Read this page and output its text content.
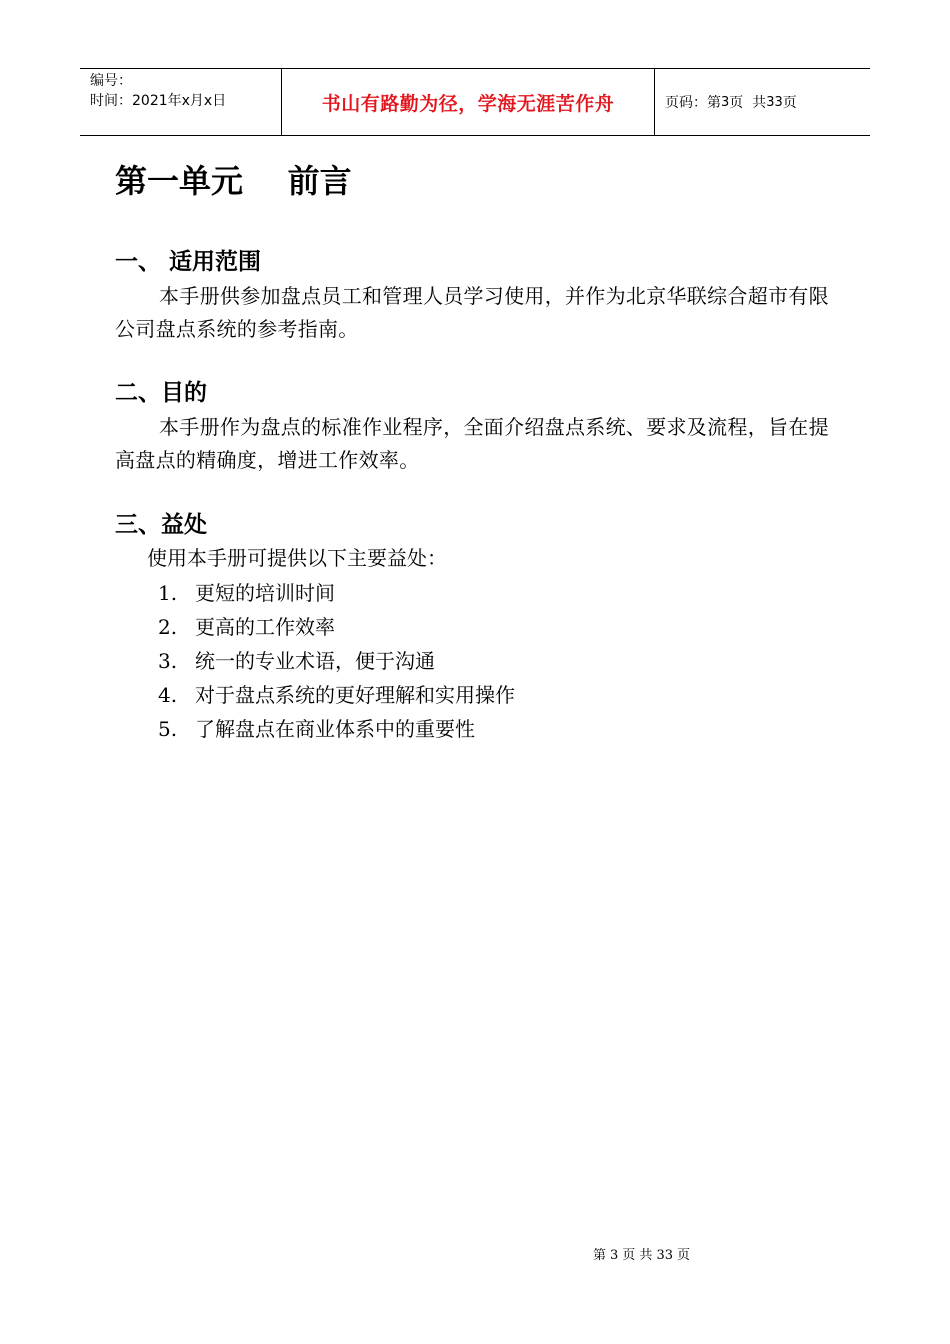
编号：
时间：2021年x月x日	书山有路勤为径，学海无涯苦作舟	页码：第 3 页  共 33 页
第一单元    前言
一、 适用范围

本手册供参加盘点员工和管理人员学习使用，并作为北京华联综合超市有限公司盘点系统的参考指南。

二、目的

本手册作为盘点的标准作业程序，全面介绍盘点系统、要求及流程，旨在提高盘点的精确度，增进工作效率。

三、益处

使用本手册可提供以下主要益处：

1. 更短的培训时间
2. 更高的工作效率
3. 统一的专业术语，便于沟通
4. 对于盘点系统的更好理解和实用操作
5. 了解盘点在商业体系中的重要性
第 3 页 共 33 页
